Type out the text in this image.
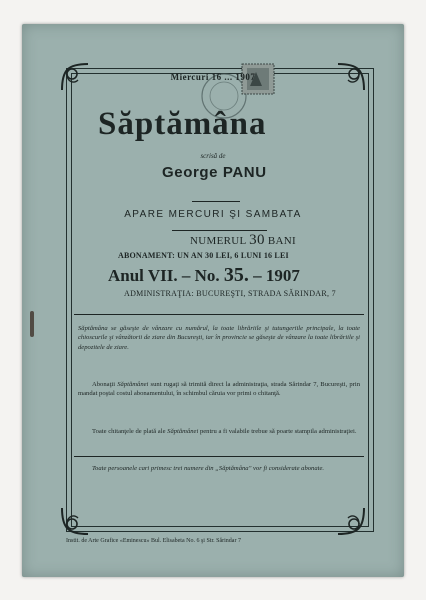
Miercuri 16 ... 1907
Săptămâna
scrisă de
George PANU
APARE MERCURI ŞI SAMBATA
NUMERUL 30 BANI
ABONAMENT: UN AN 30 LEI, 6 LUNI 16 LEI
Anul VII. – No. 35. – 1907
ADMINISTRAŢIA: BUCUREŞTI, STRADA SĂRINDAR, 7
Săptămâna se găseşte de vânzare cu numărul, la toate librăriile şi tutungeriile principale, la toate chioscurile şi vânzătorii de ziare din Bucureşti, iar în provincie se găseşte de vânzare la toate librăriile şi depozitele de ziare.
Abonaţii Săptămânei sunt rugaţi să trimită direct la administraţia, strada Sărindar 7, Bucureşti, prin mandat poştal costul abonamentului, în schimbul căruia vor primi o chitanţă.
Toate chitanţele de plată ale Săptămânei pentru a fi valabile trebue să poarte stampila administraţiei.
Toate persoanele cari primesc trei numere din „Săptămâna" vor fi considerate abonate.
Instit. de Arte Grafice «Eminescu» Bul. Elisabeta No. 6 şi Str. Sărindar 7
